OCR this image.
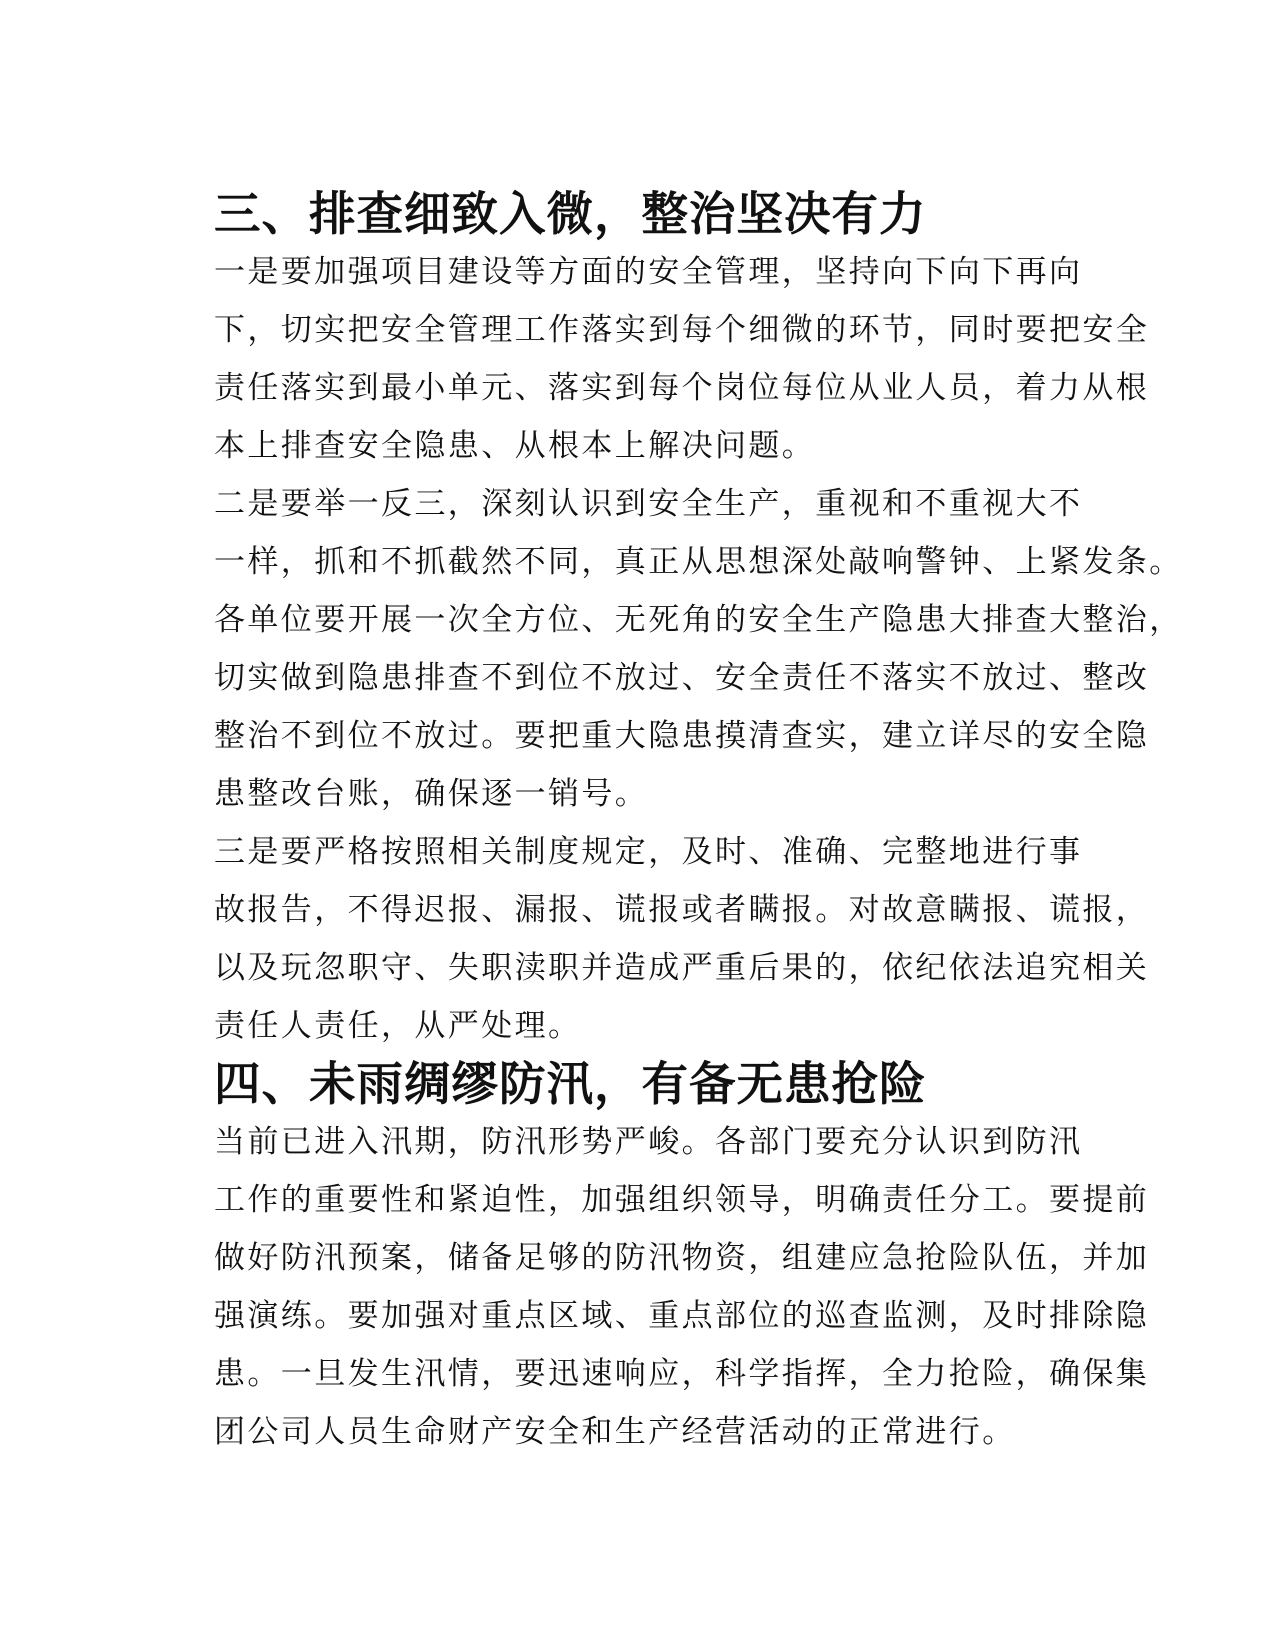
三、排查细致入微，整治坚决有力

一是要加强项目建设等方面的安全管理，坚持向下向下再向
下，切实把安全管理工作落实到每个细微的环节，同时要把安全
责任落实到最小单元、落实到每个岗位每位从业人员，着力从根
本上排查安全隐患、从根本上解决问题。

二是要举一反三，深刻认识到安全生产，重视和不重视大不
一样，抓和不抓截然不同，真正从思想深处敲响警钟、上紧发条。
各单位要开展一次全方位、无死角的安全生产隐患大排查大整治，
切实做到隐患排查不到位不放过、安全责任不落实不放过、整改
整治不到位不放过。要把重大隐患摸清查实，建立详尽的安全隐
患整改台账，确保逐一销号。

三是要严格按照相关制度规定，及时、准确、完整地进行事
故报告，不得迟报、漏报、谎报或者瞒报。对故意瞒报、谎报，
以及玩忽职守、失职渎职并造成严重后果的，依纪依法追究相关
责任人责任，从严处理。

四、未雨绸缪防汛，有备无患抢险

当前已进入汛期，防汛形势严峻。各部门要充分认识到防汛
工作的重要性和紧迫性，加强组织领导，明确责任分工。要提前
做好防汛预案，储备足够的防汛物资，组建应急抢险队伍，并加
强演练。要加强对重点区域、重点部位的巡查监测，及时排除隐
患。一旦发生汛情，要迅速响应，科学指挥，全力抢险，确保集
团公司人员生命财产安全和生产经营活动的正常进行。
